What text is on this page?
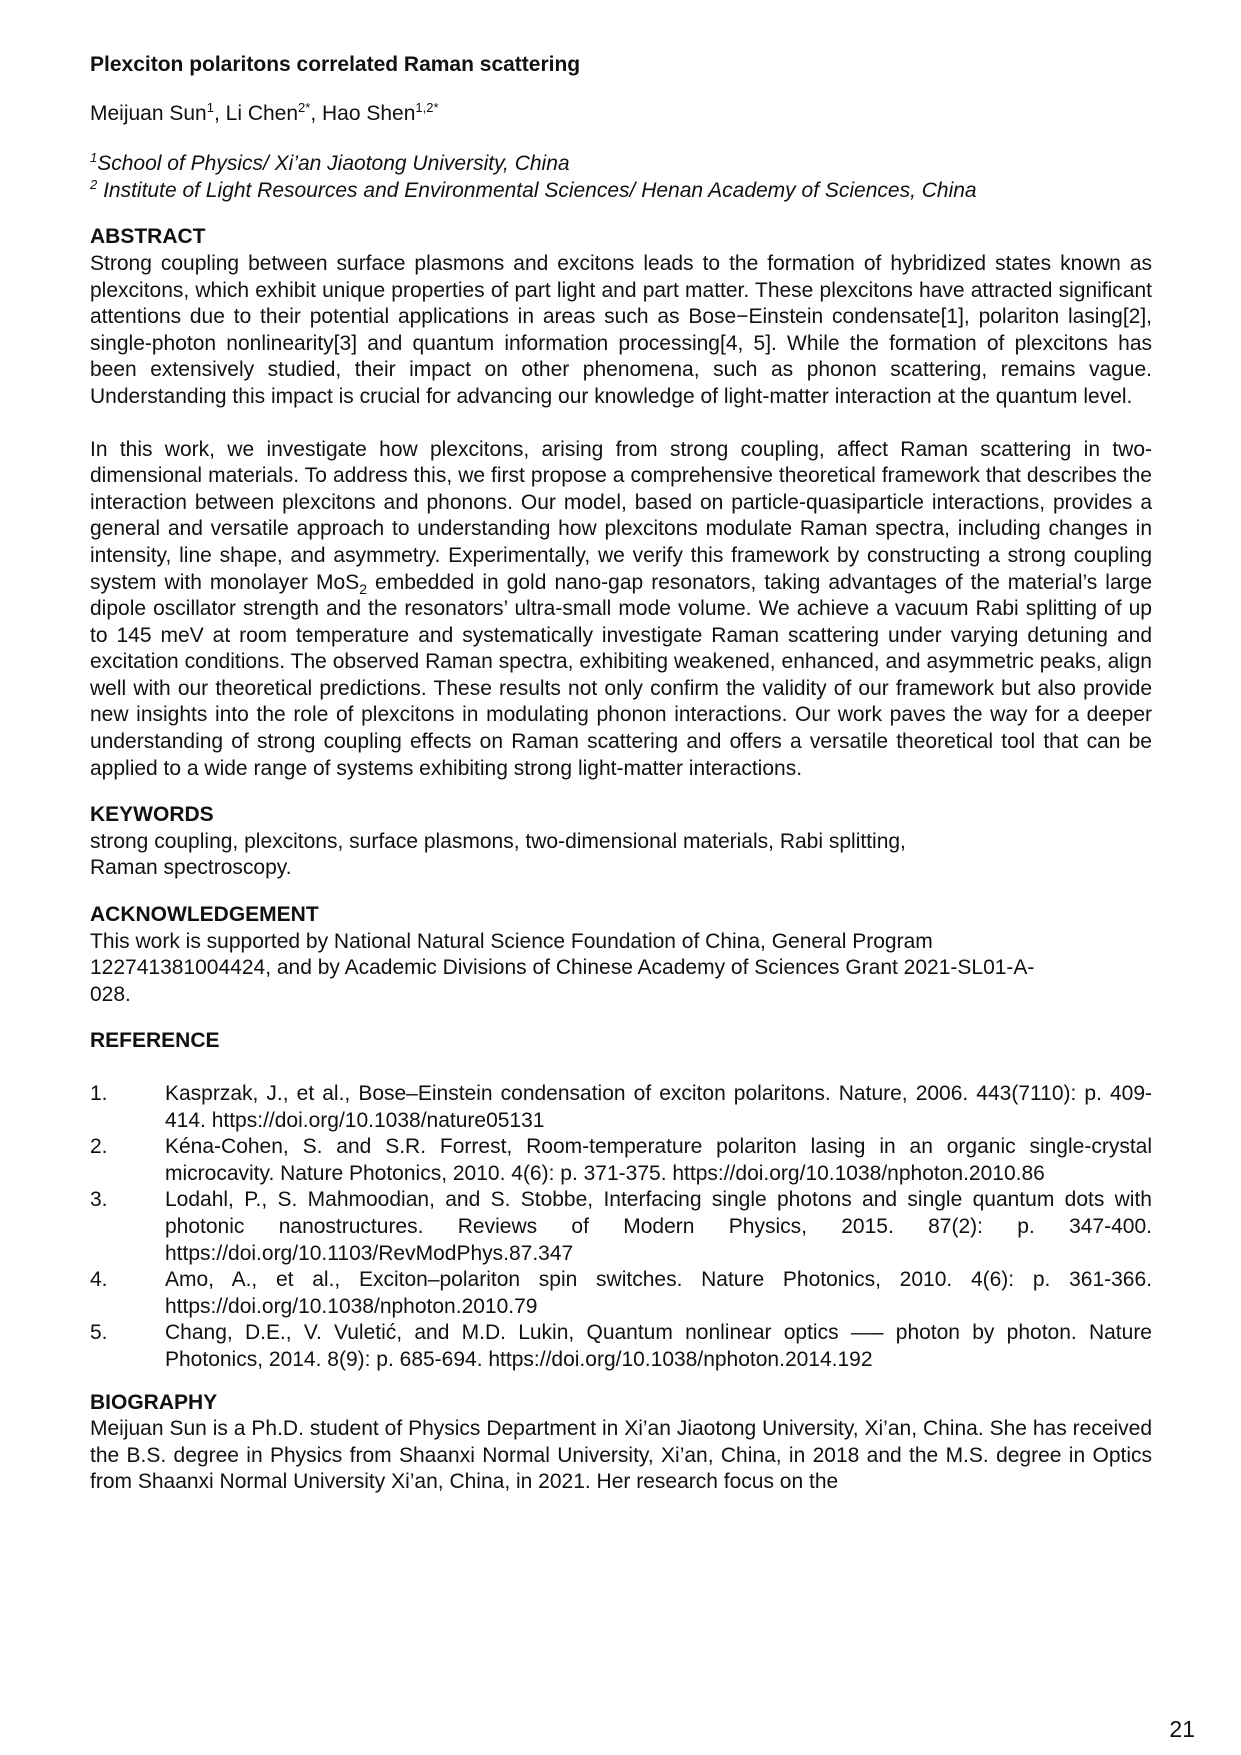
Plexciton polaritons correlated Raman scattering
Meijuan Sun$^1$, Li Chen$^{2*}$, Hao Shen$^{1,2*}$
$^1$School of Physics/ Xi’an Jiaotong University, China
$^2$ Institute of Light Resources and Environmental Sciences/ Henan Academy of Sciences, China
ABSTRACT
Strong coupling between surface plasmons and excitons leads to the formation of hybridized states known as plexcitons, which exhibit unique properties of part light and part matter. These plexcitons have attracted significant attentions due to their potential applications in areas such as Bose−Einstein condensate[1], polariton lasing[2], single-photon nonlinearity[3] and quantum information processing[4, 5]. While the formation of plexcitons has been extensively studied, their impact on other phenomena, such as phonon scattering, remains vague. Understanding this impact is crucial for advancing our knowledge of light-matter interaction at the quantum level.
In this work, we investigate how plexcitons, arising from strong coupling, affect Raman scattering in two-dimensional materials. To address this, we first propose a comprehensive theoretical framework that describes the interaction between plexcitons and phonons. Our model, based on particle-quasiparticle interactions, provides a general and versatile approach to understanding how plexcitons modulate Raman spectra, including changes in intensity, line shape, and asymmetry. Experimentally, we verify this framework by constructing a strong coupling system with monolayer MoS$_2$ embedded in gold nano-gap resonators, taking advantages of the material’s large dipole oscillator strength and the resonators’ ultra-small mode volume. We achieve a vacuum Rabi splitting of up to 145 meV at room temperature and systematically investigate Raman scattering under varying detuning and excitation conditions. The observed Raman spectra, exhibiting weakened, enhanced, and asymmetric peaks, align well with our theoretical predictions. These results not only confirm the validity of our framework but also provide new insights into the role of plexcitons in modulating phonon interactions. Our work paves the way for a deeper understanding of strong coupling effects on Raman scattering and offers a versatile theoretical tool that can be applied to a wide range of systems exhibiting strong light-matter interactions.
KEYWORDS
strong coupling, plexcitons, surface plasmons, two-dimensional materials, Rabi splitting,
Raman spectroscopy.
ACKNOWLEDGEMENT
This work is supported by National Natural Science Foundation of China, General Program
122741381004424, and by Academic Divisions of Chinese Academy of Sciences Grant 2021-SL01-A-
028.
REFERENCE
1.	Kasprzak, J., et al., Bose–Einstein condensation of exciton polaritons. Nature, 2006. 443(7110): p. 409-414. https://doi.org/10.1038/nature05131
2.	Kéna-Cohen, S. and S.R. Forrest, Room-temperature polariton lasing in an organic single-crystal microcavity. Nature Photonics, 2010. 4(6): p. 371-375. https://doi.org/10.1038/nphoton.2010.86
3.	Lodahl, P., S. Mahmoodian, and S. Stobbe, Interfacing single photons and single quantum dots with photonic nanostructures. Reviews of Modern Physics, 2015. 87(2): p. 347-400. https://doi.org/10.1103/RevModPhys.87.347
4.	Amo, A., et al., Exciton–polariton spin switches. Nature Photonics, 2010. 4(6): p. 361-366. https://doi.org/10.1038/nphoton.2010.79
5.	Chang, D.E., V. Vuletić, and M.D. Lukin, Quantum nonlinear optics —– photon by photon. Nature Photonics, 2014. 8(9): p. 685-694. https://doi.org/10.1038/nphoton.2014.192
BIOGRAPHY
Meijuan Sun is a Ph.D. student of Physics Department in Xi’an Jiaotong University, Xi’an, China. She has received the B.S. degree in Physics from Shaanxi Normal University, Xi’an, China, in 2018 and the M.S. degree in Optics from Shaanxi Normal University Xi’an, China, in 2021. Her research focus on the
21
